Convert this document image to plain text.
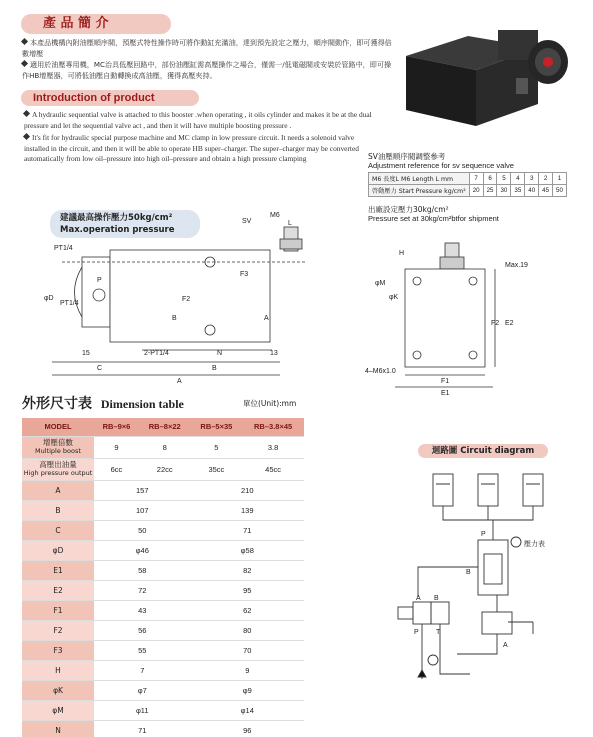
產 品 簡 介
本產品機構內附油壓順序閥，預壓式特性操作時可將作動缸充滿油，達到預先設定之壓力，順序閥動作，即可獲得倍數增壓
適用於油壓專用機，MC治具低壓回路中，部份油壓缸需高壓操作之場合，僅需一/低電磁閥或安裝於管路中，即可操作HB增壓器，可將低油壓自動轉換成高油壓，獲得高壓夾持。
Introduction of product
A hydraulic sequential valve is attached to this booster .when operating , it oils cylinder and makes it be at the dual pressure and let the sequential valve act , and then it will have multiple boosting pressure .
It's fit for hydraulic special purpose machine and MC clamp in low pressure circuit. It needs a solenoid valve installed in the circuit, and then it will be able to operate HB super–charger. The super–charger may be converted automatically from low oil–pressure into high oil–pressure and obtain a high pressure clamping
建議最高操作壓力50kg/cm²
Max.operation pressure
M6
SV	L
PT1/4
P
φD
PT1/4
F2
F3
B	A
15	2-PT1/4	N	13
C	B
A
SV油壓順序閥調整參考
Adjustment reference for sv sequence valve
M6 長度L M6 Length L mm	7	6	5	4	3	2	1
啓動壓力 Start Pressure kg/cm²	20	25	30	35	40	45	50
出廠設定壓力30kg/cm²
Pressure set at 30kg/cm²btfor shipment
H
φM
φK
Max.19
F2 E2
4–M6x1.0
F1
E1
外形尺寸表 Dimension table	單位(Unit):mm
MODEL	RB–9×6	RB–8×22	RB–5×35	RB–3.8×45

增壓倍數
Multiple boost	9	8	5	3.8

高壓出油量
High pressure output	6cc	22cc	35cc	45cc
A	157		210	
B	107		139	
C	50		71	
φD	φ46		φ58	
E1	58		82	
E2	72		95	
F1	43		62	
F2	56		80	
F3	55		70	
H	7		9	
φK	φ7		φ9	
φM	φ11		φ14	
N	71		96	
迴路圖 Circuit diagram
壓力表
P
B
A B
P T
A
